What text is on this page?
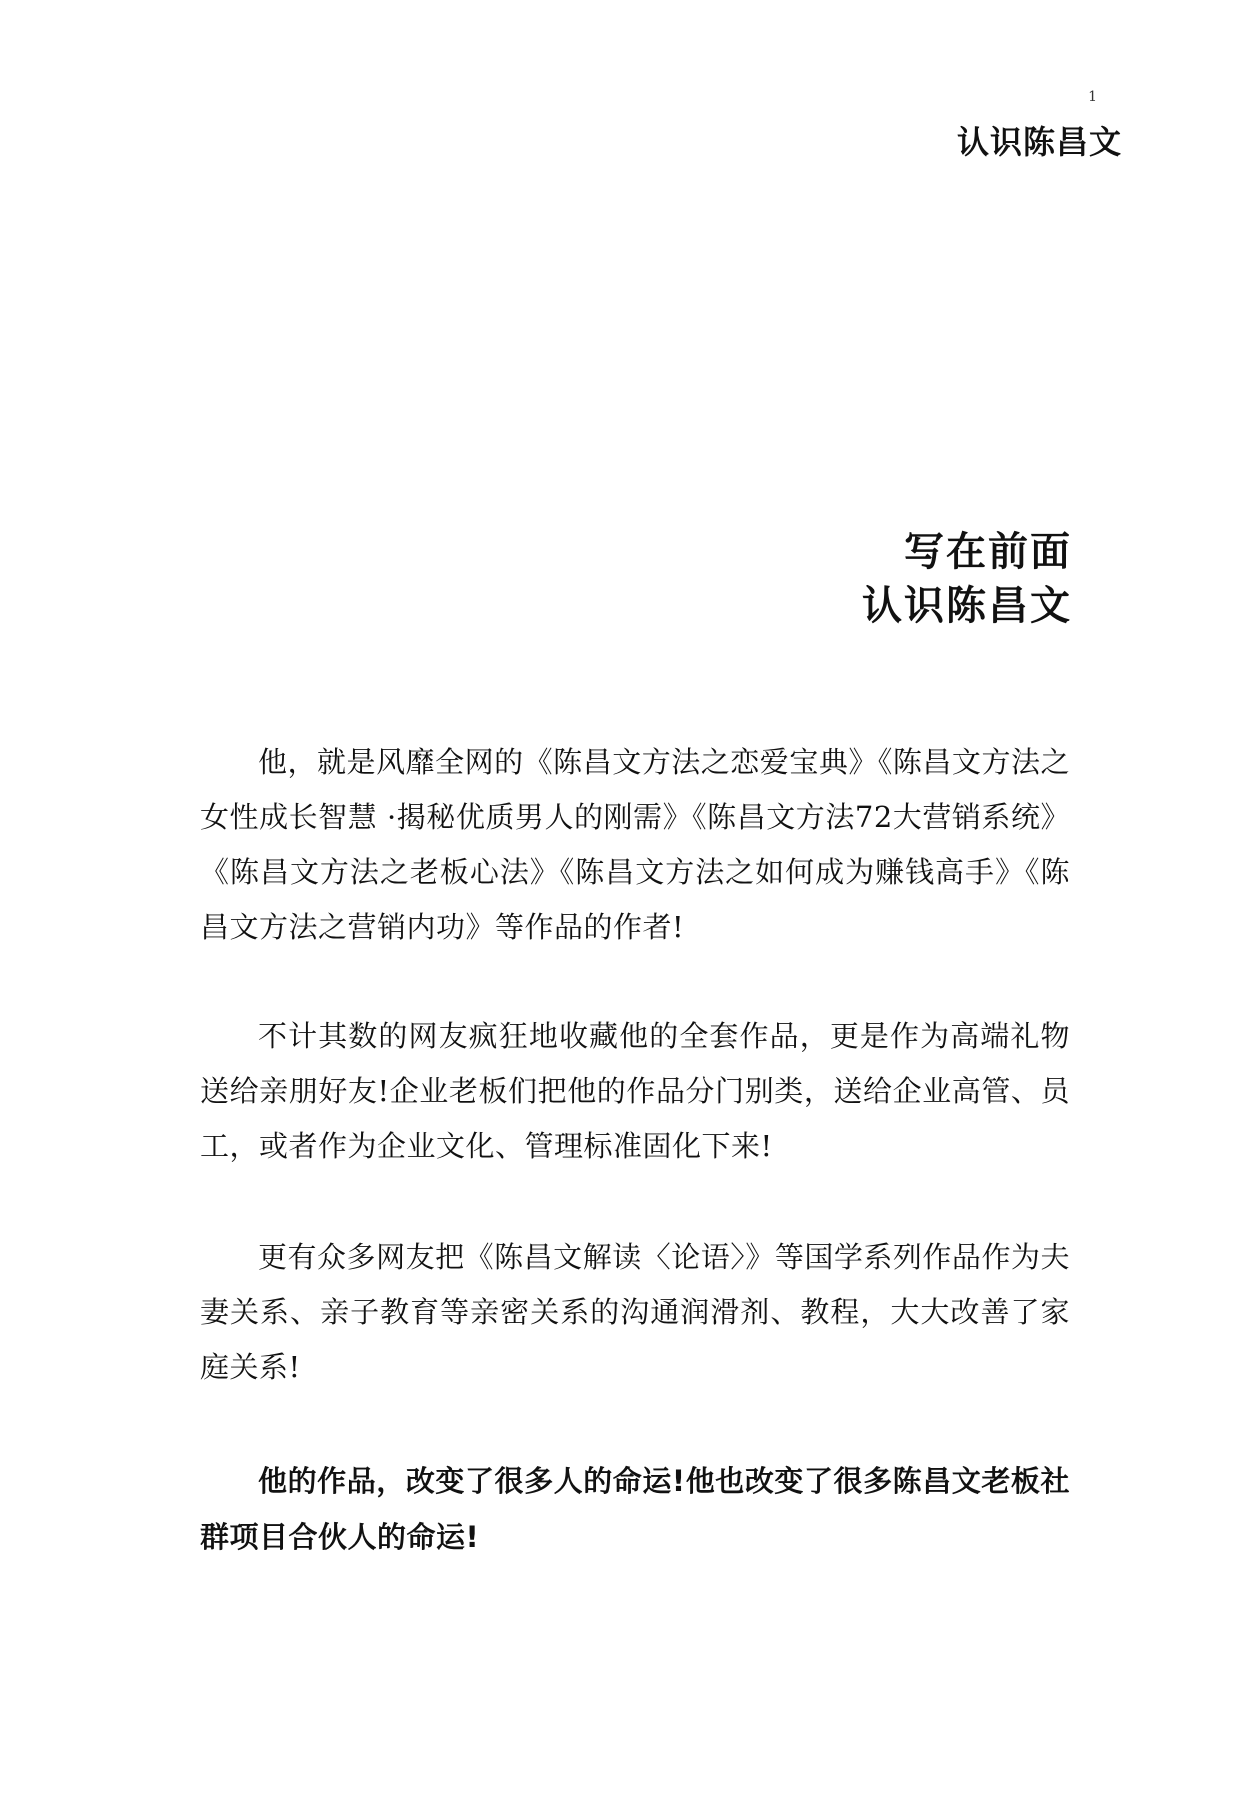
1
认识陈昌文
写在前面
认识陈昌文

他，就是风靡全网的《陈昌文方法之恋爱宝典》《陈昌文方法之女性成长智慧 ·揭秘优质男人的刚需》《陈昌文方法72大营销系统》《陈昌文方法之老板心法》《陈昌文方法之如何成为赚钱高手》《陈昌文方法之营销内功》等作品的作者!

不计其数的网友疯狂地收藏他的全套作品，更是作为高端礼物送给亲朋好友!企业老板们把他的作品分门别类，送给企业高管、员工，或者作为企业文化、管理标准固化下来!

更有众多网友把《陈昌文解读〈论语〉》等国学系列作品作为夫妻关系、亲子教育等亲密关系的沟通润滑剂、教程，大大改善了家庭关系!

他的作品，改变了很多人的命运!他也改变了很多陈昌文老板社群项目合伙人的命运!
